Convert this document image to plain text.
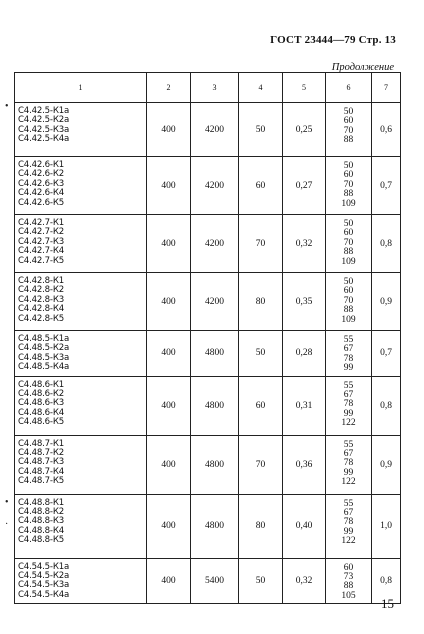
ГОСТ 23444—79 Стр. 13
Продолжение
1	2	3	4	5	6	7

С4.42.5-К1а
С4.42.5-К2а
С4.42.5-К3а
С4.42.5-К4а	400	4200	50	0,25	50
60
70
88	0,6

С4.42.6-К1
С4.42.6-К2
С4.42.6-К3
С4.42.6-К4
С4.42.6-К5	400	4200	60	0,27	50
60
70
88
109	0,7

С4.42.7-К1
С4.42.7-К2
С4.42.7-К3
С4.42.7-К4
С4.42.7-К5	400	4200	70	0,32	50
60
70
88
109	0,8

С4.42.8-К1
С4.42.8-К2
С4.42.8-К3
С4.42.8-К4
С4.42.8-К5	400	4200	80	0,35	50
60
70
88
109	0,9

С4.48.5-К1а
С4.48.5-К2а
С4.48.5-К3а
С4.48.5-К4а	400	4800	50	0,28	55
67
78
99	0,7

С4.48.6-К1
С4.48.6-К2
С4.48.6-К3
С4.48.6-К4
С4.48.6-К5	400	4800	60	0,31	55
67
78
99
122	0,8

С4.48.7-К1
С4.48.7-К2
С4.48.7-К3
С4.48.7-К4
С4.48.7-К5	400	4800	70	0,36	55
67
78
99
122	0,9

С4.48.8-К1
С4.48.8-К2
С4.48.8-К3
С4.48.8-К4
С4.48.8-К5	400	4800	80	0,40	55
67
78
99
122	1,0

С4.54.5-К1а
С4.54.5-К2а
С4.54.5-К3а
С4.54.5-К4а	400	5400	50	0,32	60
73
88
105	0,8
•
•
·
15
